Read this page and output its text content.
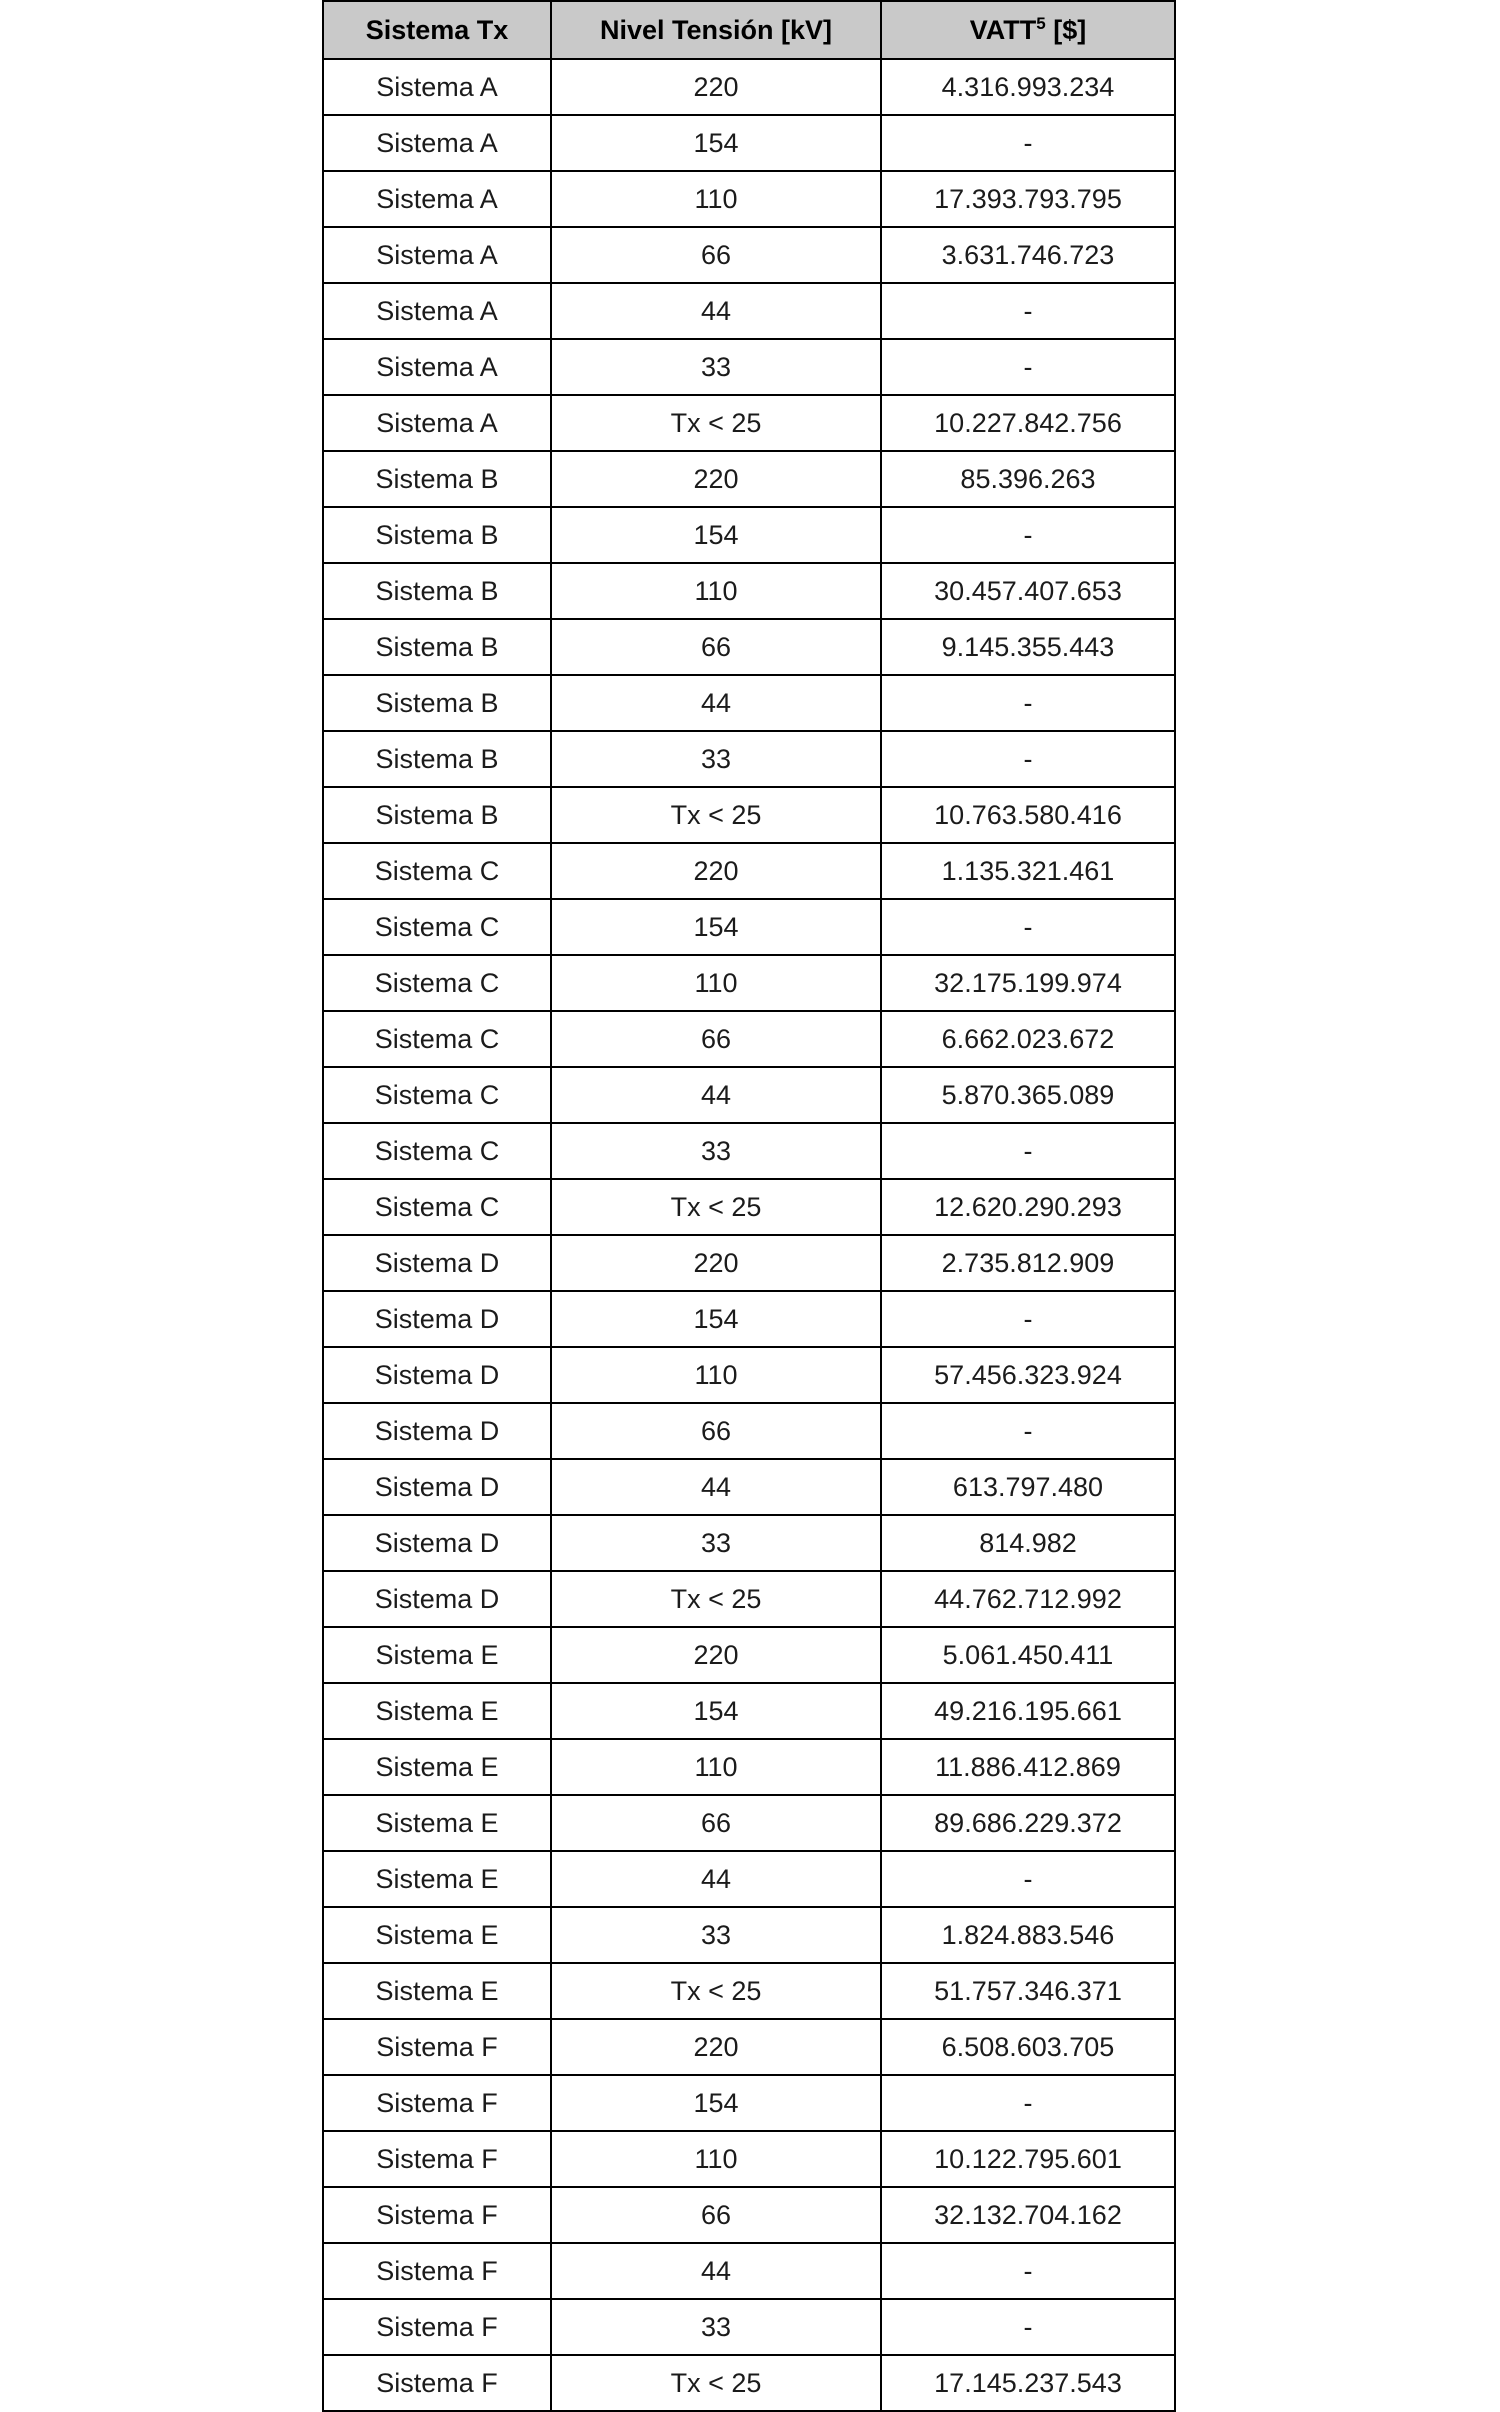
Sistema Tx	Nivel Tensión [kV]	VATT$^5$ [$]
Sistema A	220	4.316.993.234
Sistema A	154	-
Sistema A	110	17.393.793.795
Sistema A	66	3.631.746.723
Sistema A	44	-
Sistema A	33	-
Sistema A	Tx < 25	10.227.842.756
Sistema B	220	85.396.263
Sistema B	154	-
Sistema B	110	30.457.407.653
Sistema B	66	9.145.355.443
Sistema B	44	-
Sistema B	33	-
Sistema B	Tx < 25	10.763.580.416
Sistema C	220	1.135.321.461
Sistema C	154	-
Sistema C	110	32.175.199.974
Sistema C	66	6.662.023.672
Sistema C	44	5.870.365.089
Sistema C	33	-
Sistema C	Tx < 25	12.620.290.293
Sistema D	220	2.735.812.909
Sistema D	154	-
Sistema D	110	57.456.323.924
Sistema D	66	-
Sistema D	44	613.797.480
Sistema D	33	814.982
Sistema D	Tx < 25	44.762.712.992
Sistema E	220	5.061.450.411
Sistema E	154	49.216.195.661
Sistema E	110	11.886.412.869
Sistema E	66	89.686.229.372
Sistema E	44	-
Sistema E	33	1.824.883.546
Sistema E	Tx < 25	51.757.346.371
Sistema F	220	6.508.603.705
Sistema F	154	-
Sistema F	110	10.122.795.601
Sistema F	66	32.132.704.162
Sistema F	44	-
Sistema F	33	-
Sistema F	Tx < 25	17.145.237.543
